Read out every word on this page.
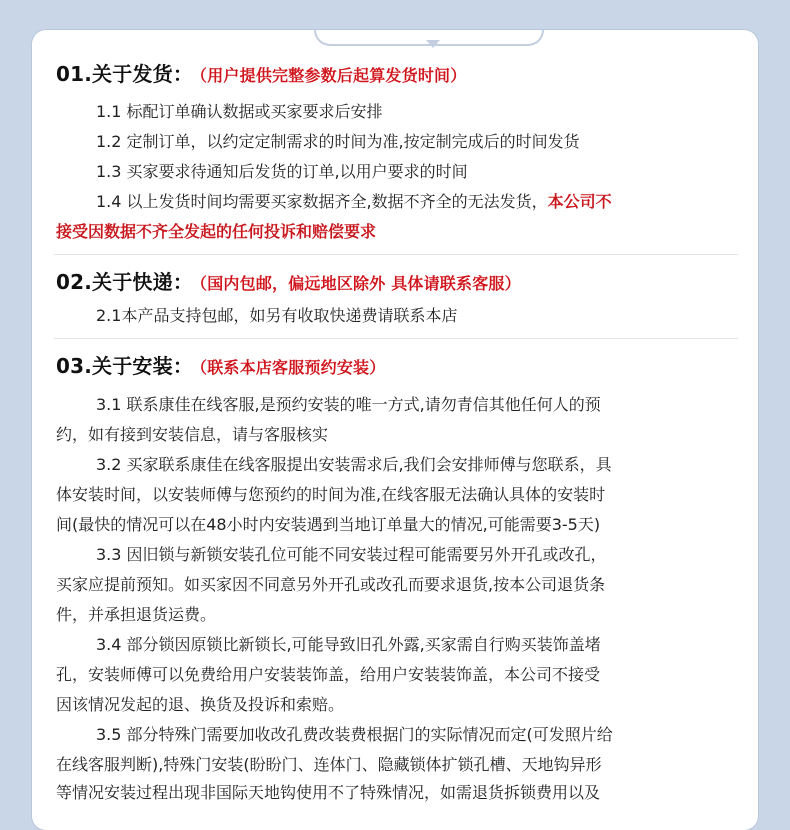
01.关于发货： （用户提供完整参数后起算发货时间）
1.1 标配订单确认数据或买家要求后安排
1.2 定制订单，以约定定制需求的时间为准,按定制完成后的时间发货
1.3 买家要求待通知后发货的订单,以用户要求的时间
1.4 以上发货时间均需要买家数据齐全,数据不齐全的无法发货，本公司不
接受因数据不齐全发起的任何投诉和赔偿要求
02.关于快递： （国内包邮，偏远地区除外 具体请联系客服）
2.1本产品支持包邮，如另有收取快递费请联系本店
03.关于安装： （联系本店客服预约安装）
3.1 联系康佳在线客服,是预约安装的唯一方式,请勿青信其他任何人的预
约，如有接到安装信息，请与客服核实
3.2 买家联系康佳在线客服提出安装需求后,我们会安排师傅与您联系，具
体安装时间，以安装师傅与您预约的时间为准,在线客服无法确认具体的安装时
间(最快的情况可以在48小时内安装遇到当地订单量大的情况,可能需要3-5天)
3.3 因旧锁与新锁安装孔位可能不同安装过程可能需要另外开孔或改孔，
买家应提前预知。如买家因不同意另外开孔或改孔而要求退货,按本公司退货条
件，并承担退货运费。
3.4 部分锁因原锁比新锁长,可能导致旧孔外露,买家需自行购买装饰盖堵
孔，安装师傅可以免费给用户安装装饰盖，给用户安装装饰盖，本公司不接受
因该情况发起的退、换货及投诉和索赔。
3.5 部分特殊门需要加收改孔费改装费根据门的实际情况而定(可发照片给
在线客服判断),特殊门安装(盼盼门、连体门、隐藏锁体扩锁孔槽、天地钩异形
等情况安装过程出现非国际天地钩使用不了特殊情况，如需退货拆锁费用以及
